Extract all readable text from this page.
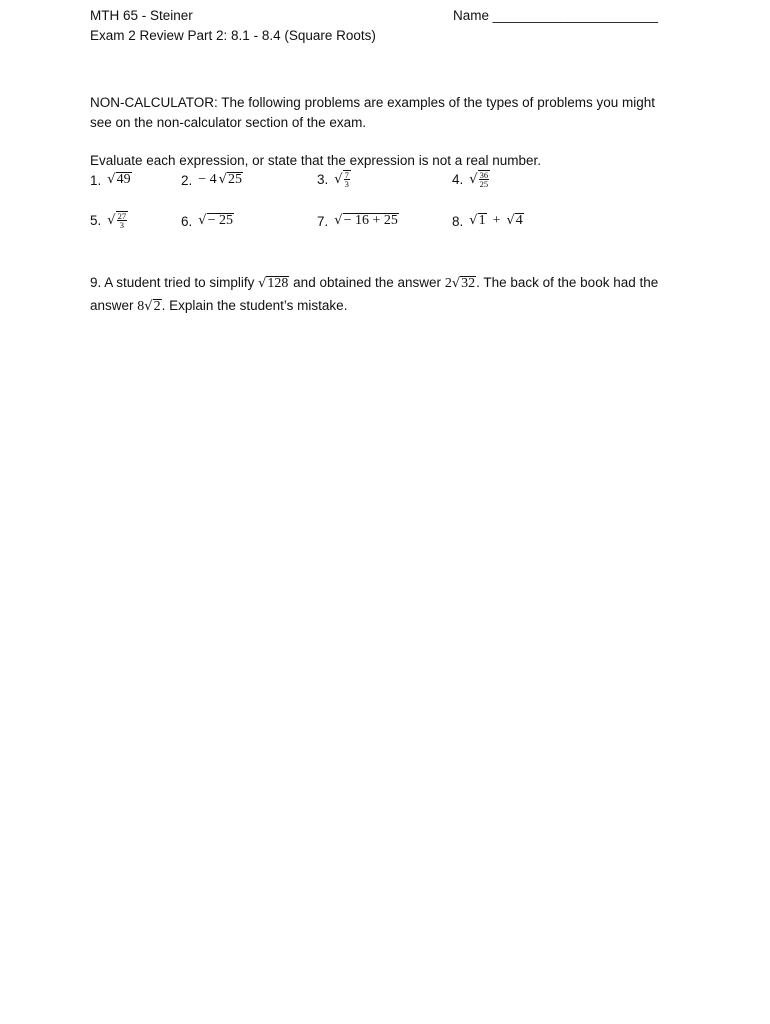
MTH 65 - Steiner	Name ______________________
Exam 2 Review Part 2: 8.1 - 8.4 (Square Roots)
NON-CALCULATOR: The following problems are examples of the types of problems you might
see on the non-calculator section of the exam.
Evaluate each expression, or state that the expression is not a real number.
1. √49	2. − 4 √25	3. √ $\frac{7}{3}$	4. √ $\frac{36}{25}$
5. √ $\frac{27}{3}$	6. √− 25	7. √− 16 + 25	8. √1 + √4
9. A student tried to simplify √128 and obtained the answer 2√32. The back of the book had the
answer 8√2. Explain the student’s mistake.
